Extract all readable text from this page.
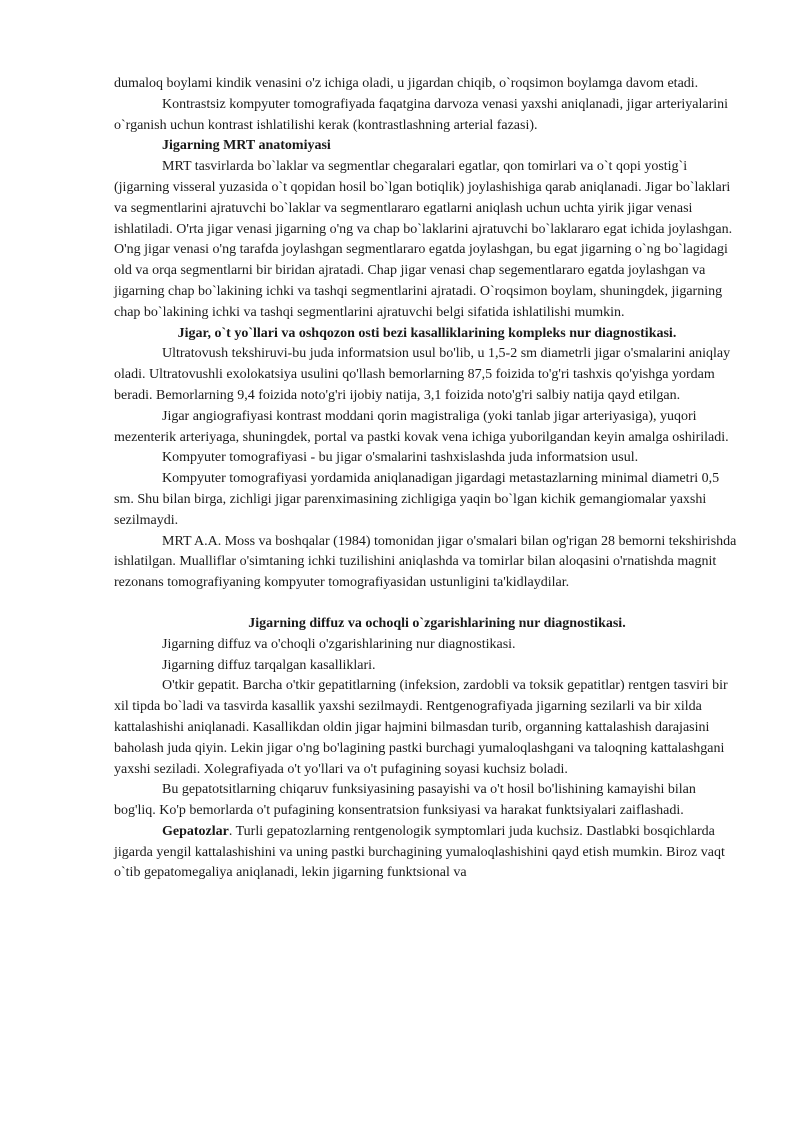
dumaloq boylamі kindik venasini o'z ichiga oladi, u jigardan chiqib, o`roqsimon boylamga davom etadi.

Kontrastsiz kompyuter tomografiyada faqatgina darvoza venasi yaxshi aniqlanadi, jigar arteriyalarini o`rganish uchun kontrast ishlatilishi kerak (kontrastlashning arterial fazasi).

Jigarning MRT anatomiyasi

MRT tasvirlarda bo`laklar va segmentlar chegaralari egatlar, qon tomirlari va o`t qopi yostig`i (jigarning visseral yuzasida o`t qopidan hosil bo`lgan botiqlik) joylashishiga qarab aniqlanadi. Jigar bo`laklari va segmentlarini ajratuvchi bo`laklar va segmentlararo egatlarni aniqlash uchun uchta yirik jigar venasi ishlatiladi. O'rta jigar venasi jigarning o'ng va chap bo`laklarini ajratuvchi bo`laklararo egat ichida joylashgan. O'ng jigar venasi o'ng tarafda joylashgan segmentlararo egatda joylashgan, bu egat jigarning o`ng bo`lagidagi old va orqa segmentlarni bir biridan ajratadi. Chap jigar venasi chap segementlararo egatda joylashgan va jigarning chap bo`lakining ichki va tashqi segmentlarini ajratadi. O`roqsimon boylam, shuningdek, jigarning chap bo`lakining ichki va tashqi segmentlarini ajratuvchi belgi sifatida ishlatilishi mumkin.

Jigar, o`t yo`llari va oshqozon osti bezi kasalliklarining kompleks nur diagnostikasi.

Ultratovush tekshiruvi-bu juda informatsion usul bo'lib, u 1,5-2 sm diametrli jigar o'smalarini aniqlay oladi. Ultratovushli exolokatsiya usulini qo'llash bemorlarning 87,5 foizida to'g'ri tashxis qo'yishga yordam beradi. Bemorlarning 9,4 foizida noto'g'ri ijobiy natija, 3,1 foizida noto'g'ri salbiy natija qayd etilgan.

Jigar angiografiyasi kontrast moddani qorin magistraliga (yoki tanlab jigar arteriyasiga), yuqori mezenterik arteriyaga, shuningdek, portal va pastki kovak vena ichiga yuborilgandan keyin amalga oshiriladi.

Kompyuter tomografiyasi - bu jigar o'smalarini tashxislashda juda informatsion usul.

Kompyuter tomografiyasi yordamida aniqlanadigan jigardagi metastazlarning minimal diametri 0,5 sm. Shu bilan birga, zichligi jigar parenximasining zichligiga yaqin bo`lgan kichik gemangiomalar yaxshi sezilmaydi.

MRT A.A. Moss va boshqalar (1984) tomonidan jigar o'smalari bilan og'rigan 28 bemorni tekshirishda ishlatilgan. Mualliflar o'simtaning ichki tuzilishini aniqlashda va tomirlar bilan aloqasini o'rnatishda magnit rezonans tomografiyaning kompyuter tomografiyasidan ustunligini ta'kidlaydilar.

Jigarning diffuz va ochoqli o`zgarishlarining nur diagnostikasi.

Jigarning diffuz va o'choqli o'zgarishlarining nur diagnostikasi.

Jigarning diffuz tarqalgan kasalliklari.

O'tkir gepatit. Barcha o'tkir gepatitlarning (infeksion, zardobli va toksik gepatitlar) rentgen tasviri bir xil tipda bo`ladi va tasvirda kasallik yaxshi sezilmaydi. Rentgenografiyada jigarning sezilarli va bir xilda kattalashishi aniqlanadi. Kasallikdan oldin jigar hajmini bilmasdan turib, organning kattalashish darajasini baholash juda qiyin. Lekin jigar o'ng bo'lagining pastki burchagi yumaloqlashgani va taloqning kattalashgani yaxshi seziladi. Xolegrafiyada o't yo'llari va o't pufagining soyasi kuchsiz boladi.

Bu gepatotsitlarning chiqaruv funksiyasining pasayishi va o't hosil bo'lishining kamayishi bilan bog'liq. Ko'p bemorlarda o't pufagining konsentratsion funksiyasi va harakat funktsiyalari zaiflashadi.

Gepatozlar. Turli gepatozlarning rentgenologik symptomlari juda kuchsiz. Dastlabki bosqichlarda jigarda yengil kattalashishini va uning pastki burchagining yumaloqlashishini qayd etish mumkin. Biroz vaqt o`tib gepatomegaliya aniqlanadi, lekin jigarning funktsional va
